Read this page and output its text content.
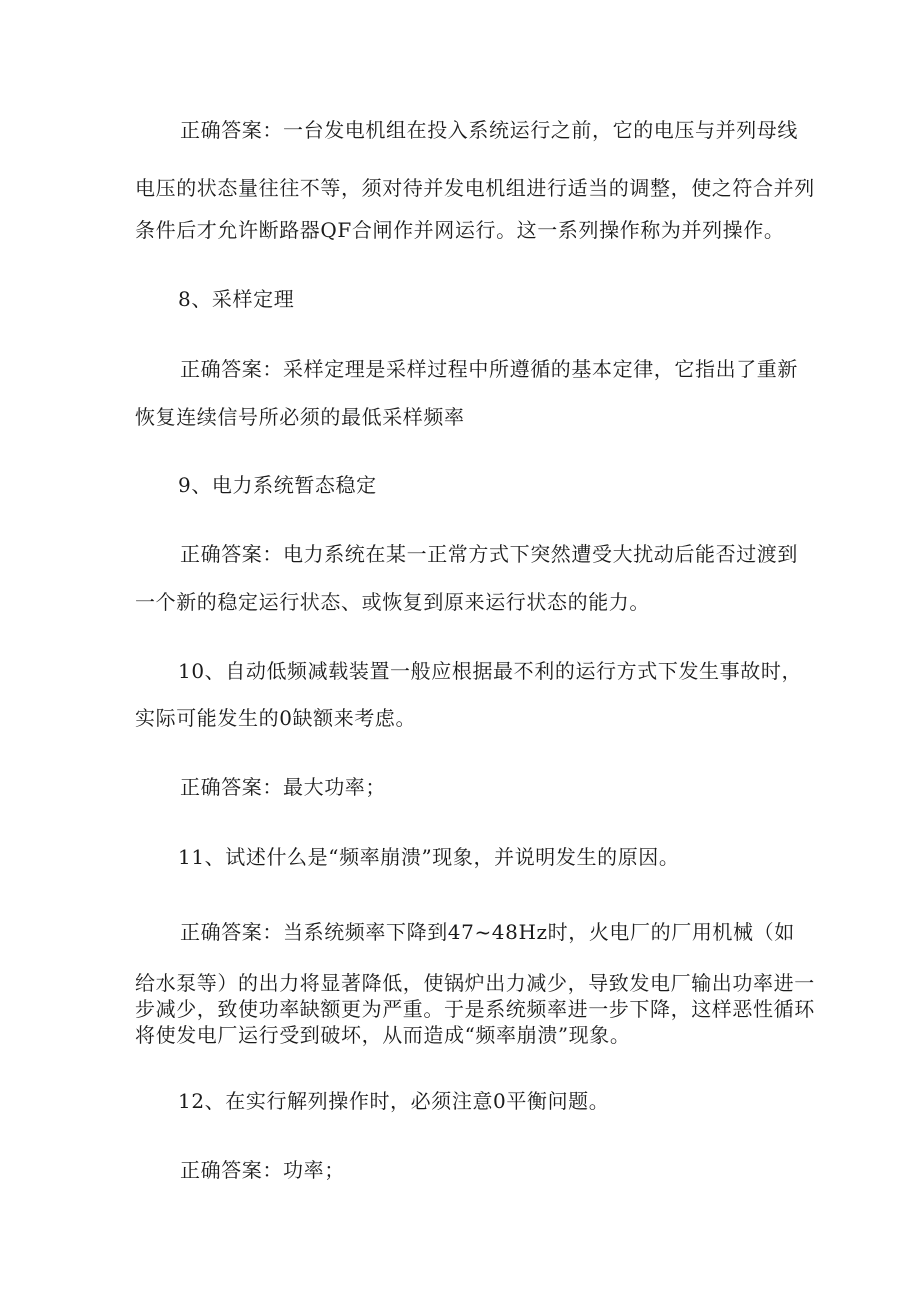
正确答案：一台发电机组在投入系统运行之前，它的电压与并列母线
电压的状态量往往不等，须对待并发电机组进行适当的调整，使之符合并列
条件后才允许断路器QF合闸作并网运行。这一系列操作称为并列操作。
8、采样定理
正确答案：采样定理是采样过程中所遵循的基本定律，它指出了重新
恢复连续信号所必须的最低采样频率
9、电力系统暂态稳定
正确答案：电力系统在某一正常方式下突然遭受大扰动后能否过渡到
一个新的稳定运行状态、或恢复到原来运行状态的能力。
10、自动低频减载装置一般应根据最不利的运行方式下发生事故时，
实际可能发生的0缺额来考虑。
正确答案：最大功率；
11、试述什么是“频率崩溃”现象，并说明发生的原因。
正确答案：当系统频率下降到47~48Hz时，火电厂的厂用机械（如
给水泵等）的出力将显著降低，使锅炉出力减少，导致发电厂输出功率进一
步减少，致使功率缺额更为严重。于是系统频率进一步下降，这样恶性循环
将使发电厂运行受到破坏，从而造成“频率崩溃”现象。
12、在实行解列操作时，必须注意0平衡问题。
正确答案：功率；
